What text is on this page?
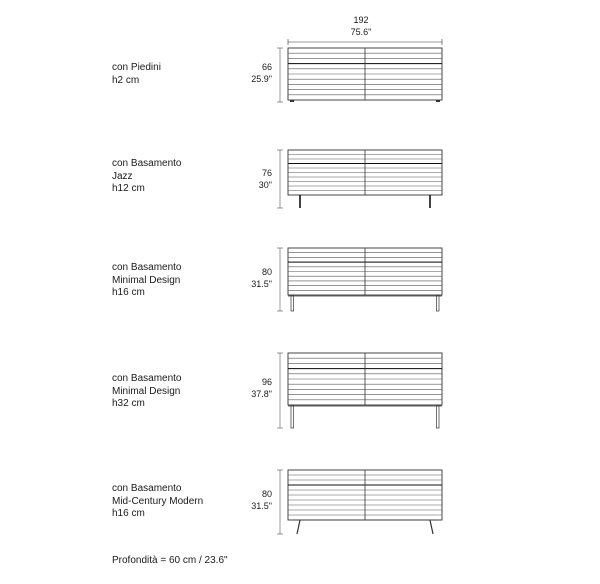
192
75.6"
con Piedini
h2 cm
66
25.9"
con Basamento
Jazz
h12 cm
76
30"
con Basamento
Minimal Design
h16 cm
80
31.5"
con Basamento
Minimal Design
h32 cm
96
37.8"
con Basamento
Mid-Century Modern
h16 cm
80
31.5"
Profondità = 60 cm / 23.6"
